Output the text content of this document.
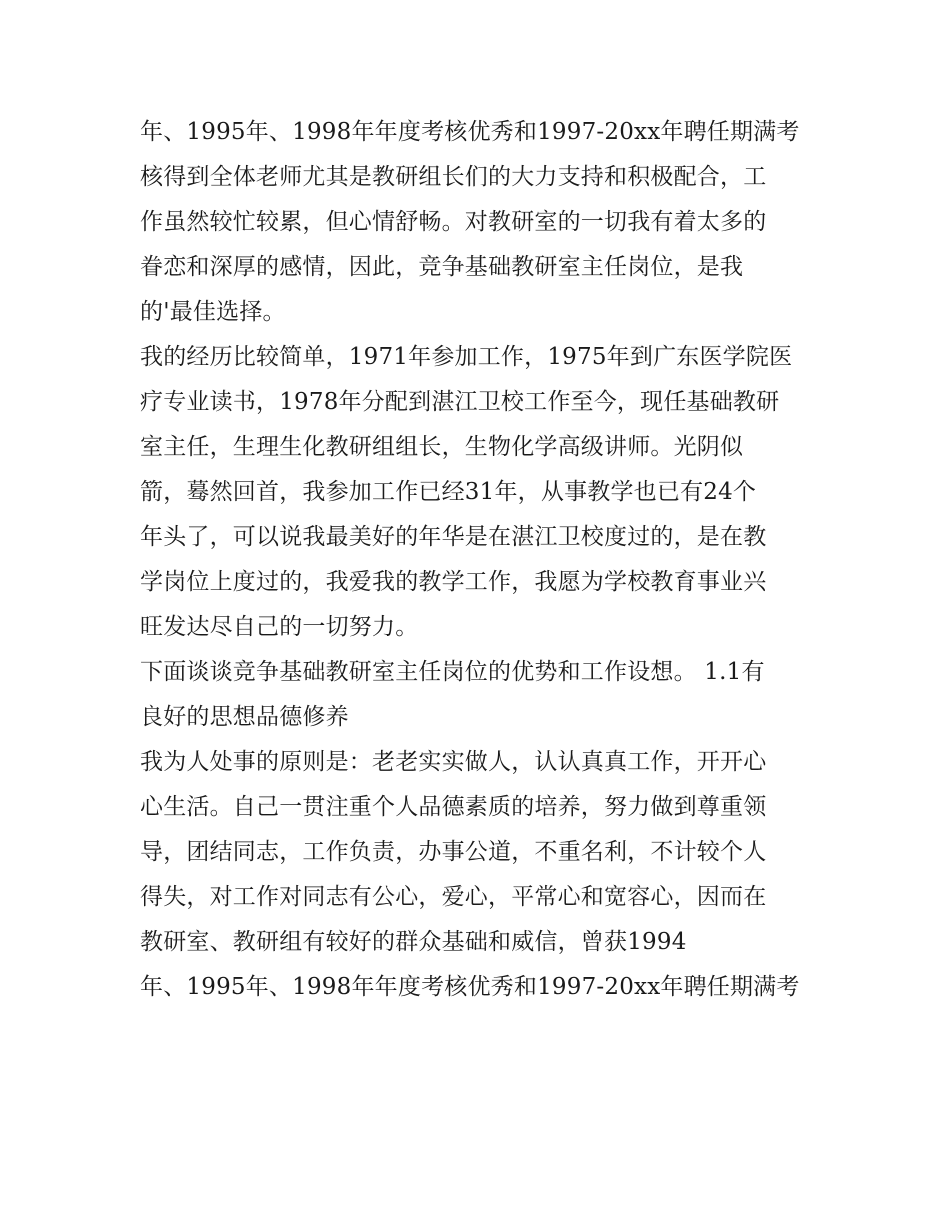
年、1995年、1998年年度考核优秀和1997-20xx年聘任期满考
核得到全体老师尤其是教研组长们的大力支持和积极配合，工
作虽然较忙较累，但心情舒畅。对教研室的一切我有着太多的
眷恋和深厚的感情，因此，竞争基础教研室主任岗位，是我
的'最佳选择。
我的经历比较简单，1971年参加工作，1975年到广东医学院医
疗专业读书，1978年分配到湛江卫校工作至今，现任基础教研
室主任，生理生化教研组组长，生物化学高级讲师。光阴似
箭，蓦然回首，我参加工作已经31年，从事教学也已有24个
年头了，可以说我最美好的年华是在湛江卫校度过的，是在教
学岗位上度过的，我爱我的教学工作，我愿为学校教育事业兴
旺发达尽自己的一切努力。
下面谈谈竞争基础教研室主任岗位的优势和工作设想。 1.1有
良好的思想品德修养
我为人处事的原则是：老老实实做人，认认真真工作，开开心
心生活。自己一贯注重个人品德素质的培养，努力做到尊重领
导，团结同志，工作负责，办事公道，不重名利，不计较个人
得失，对工作对同志有公心，爱心，平常心和宽容心，因而在
教研室、教研组有较好的群众基础和威信，曾获1994
年、1995年、1998年年度考核优秀和1997-20xx年聘任期满考
